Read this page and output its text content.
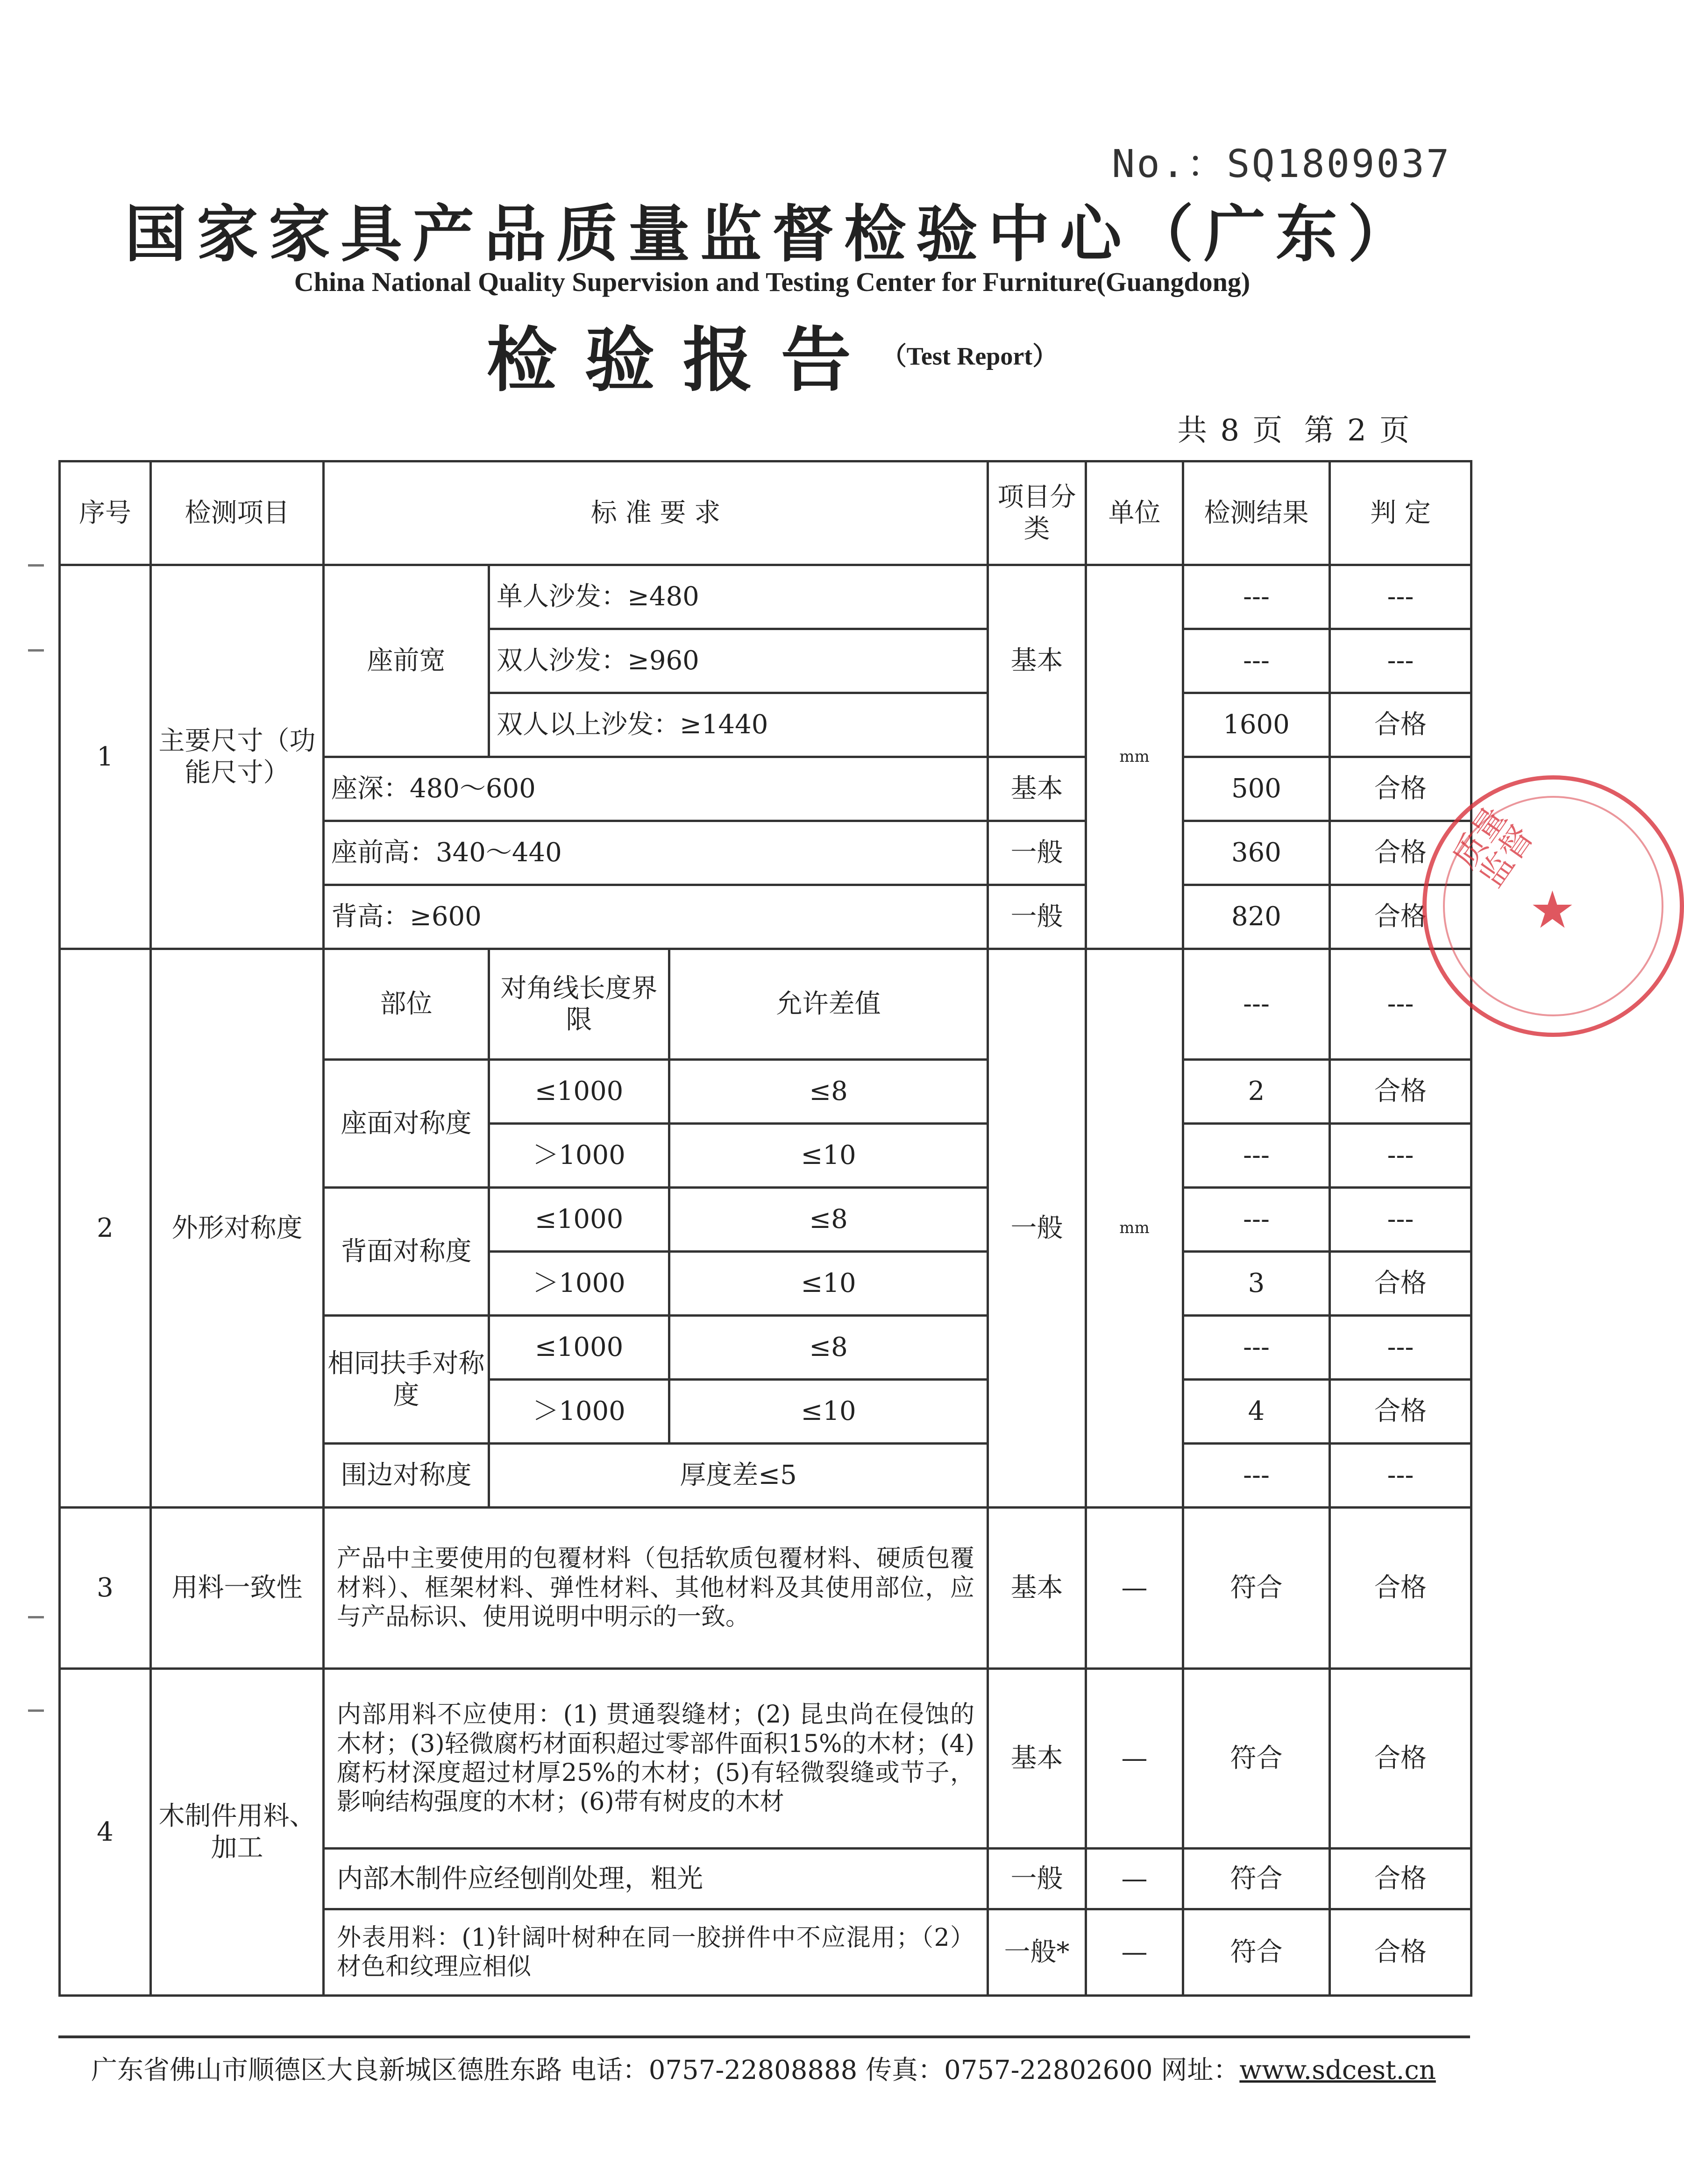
No.：SQ1809037
国家家具产品质量监督检验中心（广东）
China National Quality Supervision and Testing Center for Furniture(Guangdong)
检验报告 （Test Report）
共 8 页 第 2 页
序号	检测项目	标 准 要 求			项目分类	单位	检测结果	判 定
1	主要尺寸（功能尺寸）	座前宽	单人沙发：≥480		基本	mm	---	---
			双人沙发：≥960				---	---
			双人以上沙发：≥1440				1600	合格
		座深：480～600			基本		500	合格
		座前高：340～440			一般		360	合格
		背高：≥600			一般		820	合格
2	外形对称度	部位	对角线长度界限	允许差值	一般	mm	---	---
		座面对称度	≤1000	≤8			2	合格
			＞1000	≤10			---	---
		背面对称度	≤1000	≤8			---	---
			＞1000	≤10			3	合格
		相同扶手对称度	≤1000	≤8			---	---
			＞1000	≤10			4	合格
		围边对称度	厚度差≤5				---	---
3	用料一致性	产品中主要使用的包覆材料（包括软质包覆材料、硬质包覆材料）、框架材料、弹性材料、其他材料及其使用部位，应与产品标识、使用说明中明示的一致。			基本	—	符合	合格
4	木制件用料、加工	内部用料不应使用：(1) 贯通裂缝材；(2) 昆虫尚在侵蚀的木材；(3)轻微腐朽材面积超过零部件面积15%的木材；(4) 腐朽材深度超过材厚25%的木材；(5)有轻微裂缝或节子，影响结构强度的木材；(6)带有树皮的木材			基本	—	符合	合格
		内部木制件应经刨削处理，粗光			一般	—	符合	合格
		外表用料：(1)针阔叶树种在同一胶拼件中不应混用；（2）材色和纹理应相似			一般*	—	符合	合格
广东省佛山市顺德区大良新城区德胜东路 电话：0757-22808888 传真：0757-22802600 网址：www.sdcest.cn
质量监督
★
